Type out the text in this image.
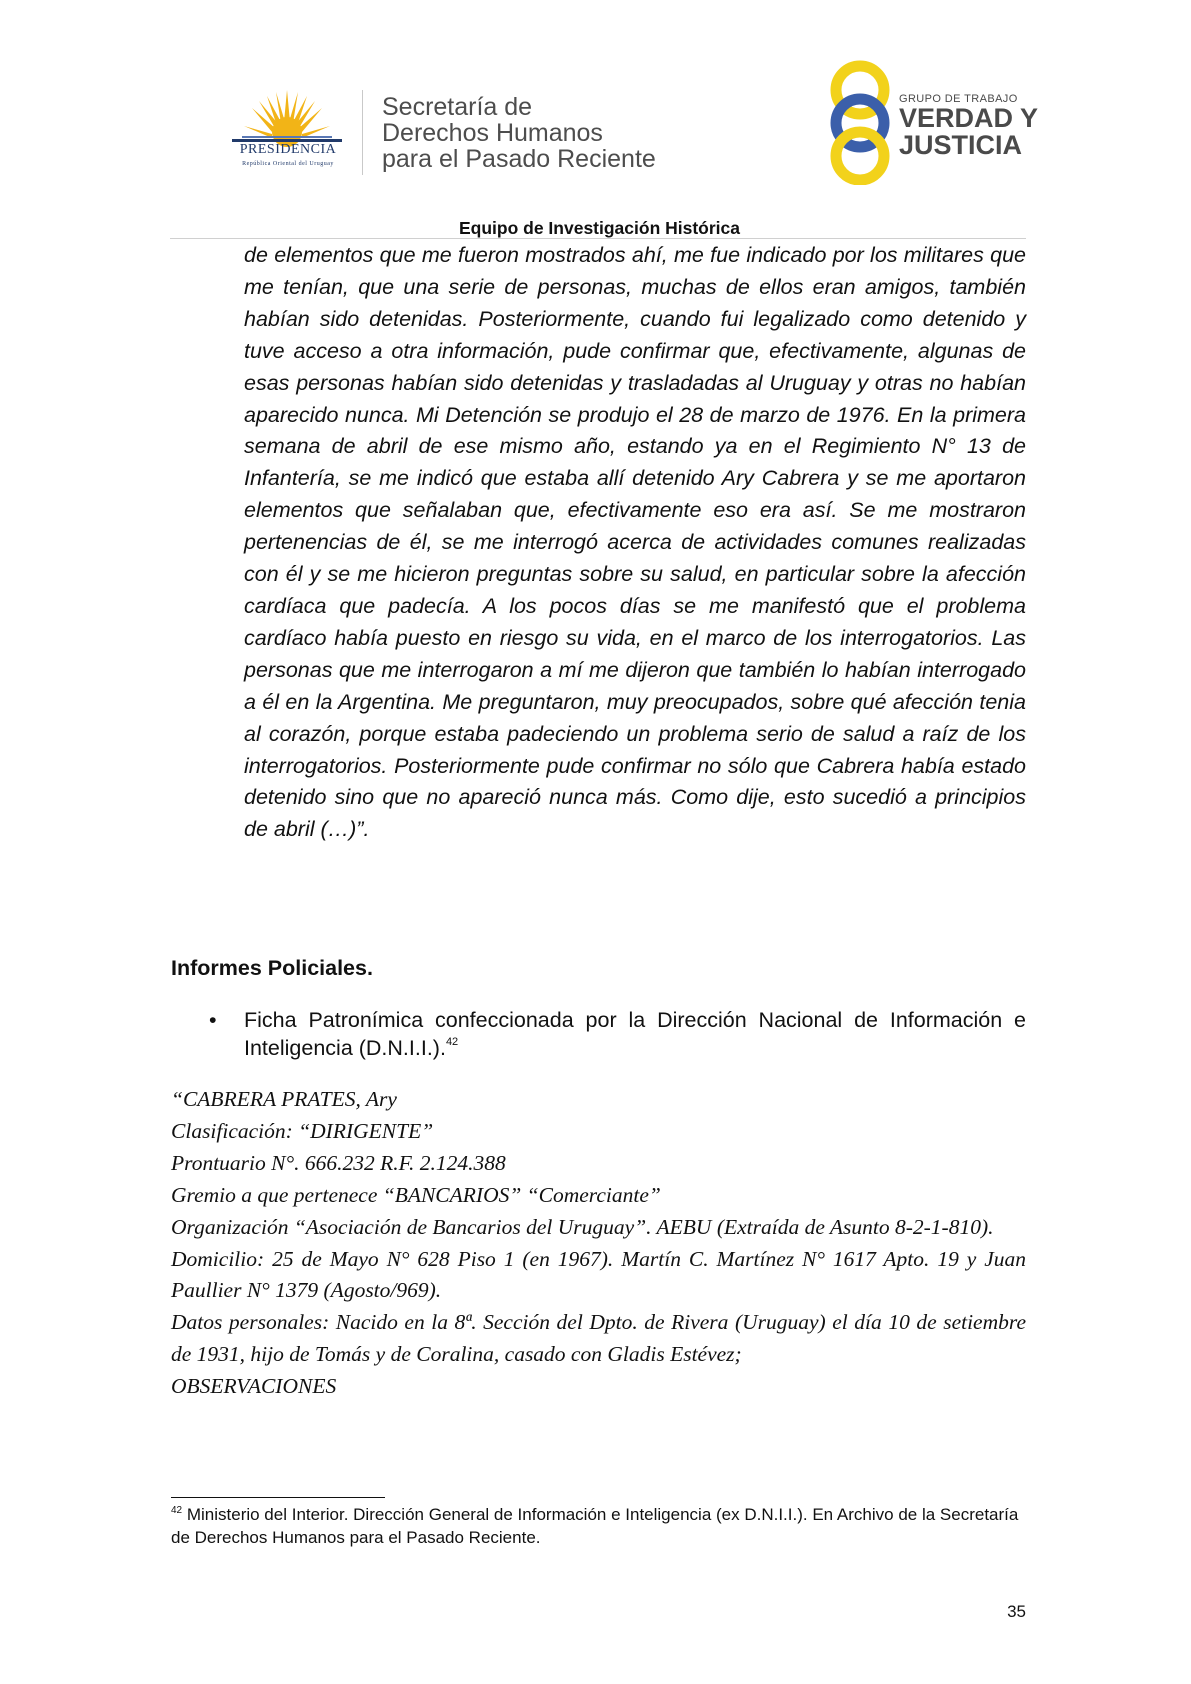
PRESIDENCIA
República Oriental del Uruguay
Secretaría de
Derechos Humanos
para el Pasado Reciente
GRUPO DE TRABAJO
VERDAD Y
JUSTICIA
Equipo de Investigación Histórica

de elementos que me fueron mostrados ahí, me fue indicado por los militares que me tenían, que una serie de personas, muchas de ellos eran amigos, también habían sido detenidas. Posteriormente, cuando fui legalizado como detenido y tuve acceso a otra información, pude confirmar que, efectivamente, algunas de esas personas habían sido detenidas y trasladadas al Uruguay y otras no habían aparecido nunca. Mi Detención se produjo el 28 de marzo de 1976. En la primera semana de abril de ese mismo año, estando ya en el Regimiento N° 13 de Infantería, se me indicó que estaba allí detenido Ary Cabrera y se me aportaron elementos que señalaban que, efectivamente eso era así. Se me mostraron pertenencias de él, se me interrogó acerca de actividades comunes realizadas con él y se me hicieron preguntas sobre su salud, en particular sobre la afección cardíaca que padecía. A los pocos días se me manifestó que el problema cardíaco había puesto en riesgo su vida, en el marco de los interrogatorios. Las personas que me interrogaron a mí me dijeron que también lo habían interrogado a él en la Argentina. Me preguntaron, muy preocupados, sobre qué afección tenia al corazón, porque estaba padeciendo un problema serio de salud a raíz de los interrogatorios. Posteriormente pude confirmar no sólo que Cabrera había estado detenido sino que no apareció nunca más. Como dije, esto sucedió a principios de abril (…)”.

Informes Policiales.
• Ficha Patronímica confeccionada por la Dirección Nacional de Información e Inteligencia (D.N.I.I.).$^{42}$

“CABRERA PRATES, Ary

Clasificación: “DIRIGENTE”

Prontuario N°. 666.232 R.F. 2.124.388

Gremio a que pertenece “BANCARIOS” “Comerciante”

Organización “Asociación de Bancarios del Uruguay”. AEBU (Extraída de Asunto 8-2-1-810).

Domicilio: 25 de Mayo N° 628 Piso 1 (en 1967). Martín C. Martínez N° 1617 Apto. 19 y Juan Paullier N° 1379 (Agosto/969).

Datos personales: Nacido en la 8ª. Sección del Dpto. de Rivera (Uruguay) el día 10 de setiembre de 1931, hijo de Tomás y de Coralina, casado con Gladis Estévez;

OBSERVACIONES

$^{42}$ Ministerio del Interior. Dirección General de Información e Inteligencia (ex D.N.I.I.). En Archivo de la Secretaría de Derechos Humanos para el Pasado Reciente.
35
